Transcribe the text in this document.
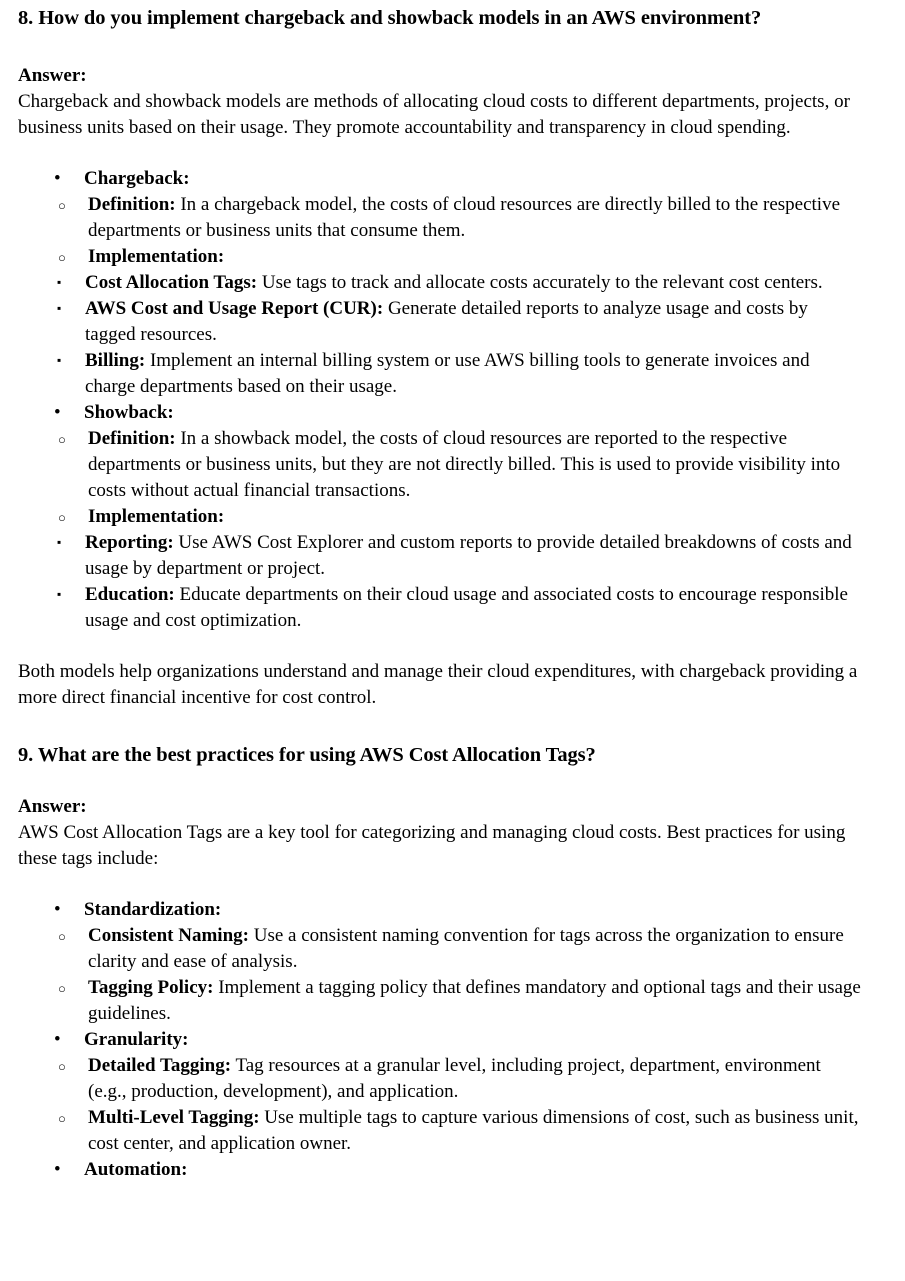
8. How do you implement chargeback and showback models in an AWS environment?
Answer:

Chargeback and showback models are methods of allocating cloud costs to different departments, projects, or business units based on their usage. They promote accountability and transparency in cloud spending.

•	Chargeback:
○ Definition: In a chargeback model, the costs of cloud resources are directly billed to the respective departments or business units that consume them.
○ Implementation:
▪ Cost Allocation Tags: Use tags to track and allocate costs accurately to the relevant cost centers.
▪ AWS Cost and Usage Report (CUR): Generate detailed reports to analyze usage and costs by tagged resources.
▪ Billing: Implement an internal billing system or use AWS billing tools to generate invoices and charge departments based on their usage.
•	Showback:
○ Definition: In a showback model, the costs of cloud resources are reported to the respective departments or business units, but they are not directly billed. This is used to provide visibility into costs without actual financial transactions.
○ Implementation:
▪ Reporting: Use AWS Cost Explorer and custom reports to provide detailed breakdowns of costs and usage by department or project.
▪ Education: Educate departments on their cloud usage and associated costs to encourage responsible usage and cost optimization.

Both models help organizations understand and manage their cloud expenditures, with chargeback providing a more direct financial incentive for cost control.

9. What are the best practices for using AWS Cost Allocation Tags?
Answer:

AWS Cost Allocation Tags are a key tool for categorizing and managing cloud costs. Best practices for using these tags include:

•	Standardization:
○ Consistent Naming: Use a consistent naming convention for tags across the organization to ensure clarity and ease of analysis.
○ Tagging Policy: Implement a tagging policy that defines mandatory and optional tags and their usage guidelines.
•	Granularity:
○ Detailed Tagging: Tag resources at a granular level, including project, department, environment (e.g., production, development), and application.
○ Multi-Level Tagging: Use multiple tags to capture various dimensions of cost, such as business unit, cost center, and application owner.
•	Automation:
